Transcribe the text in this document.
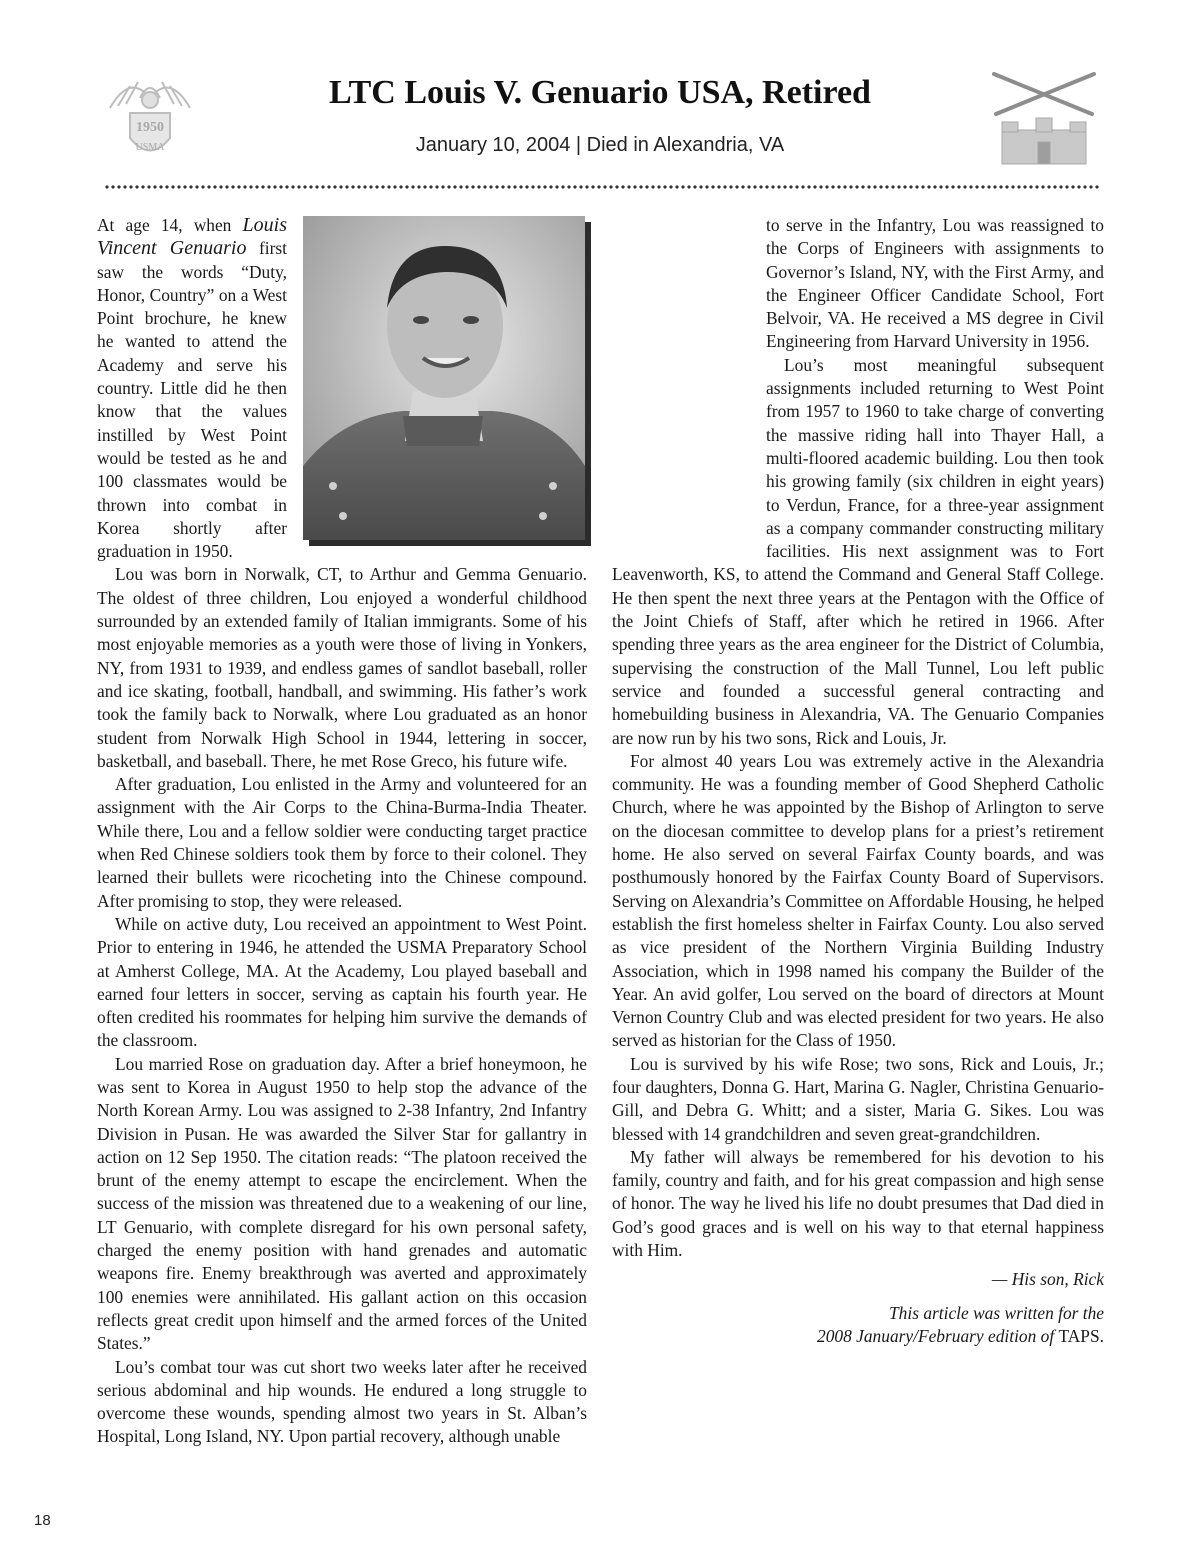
1950
USMA
LTC Louis V. Genuario USA, Retired
January 10, 2004 | Died in Alexandria, VA

At age 14, when Louis Vincent Genuario first saw the words “Duty, Honor, Country” on a West Point brochure, he knew he wanted to attend the Academy and serve his country. Little did he then know that the values instilled by West Point would be tested as he and 100 classmates would be thrown into combat in Korea shortly after graduation in 1950.

Lou was born in Norwalk, CT, to Arthur and Gemma Genuario. The oldest of three children, Lou enjoyed a wonderful childhood surrounded by an extended family of Italian immigrants. Some of his most enjoyable memories as a youth were those of living in Yonkers, NY, from 1931 to 1939, and endless games of sandlot baseball, roller and ice skating, football, handball, and swimming. His father’s work took the family back to Norwalk, where Lou graduated as an honor student from Norwalk High School in 1944, lettering in soccer, basketball, and baseball. There, he met Rose Greco, his future wife.

After graduation, Lou enlisted in the Army and volunteered for an assignment with the Air Corps to the China-Burma-India Theater. While there, Lou and a fellow soldier were conducting target practice when Red Chinese soldiers took them by force to their colonel. They learned their bullets were ricocheting into the Chinese compound. After promising to stop, they were released.

While on active duty, Lou received an appointment to West Point. Prior to entering in 1946, he attended the USMA Preparatory School at Amherst College, MA. At the Academy, Lou played baseball and earned four letters in soccer, serving as captain his fourth year. He often credited his roommates for helping him survive the demands of the classroom.

Lou married Rose on graduation day. After a brief honeymoon, he was sent to Korea in August 1950 to help stop the advance of the North Korean Army. Lou was assigned to 2-38 Infantry, 2nd Infantry Division in Pusan. He was awarded the Silver Star for gallantry in action on 12 Sep 1950. The citation reads: “The platoon received the brunt of the enemy attempt to escape the encirclement. When the success of the mission was threatened due to a weakening of our line, LT Genuario, with complete disregard for his own personal safety, charged the enemy position with hand grenades and automatic weapons fire. Enemy breakthrough was averted and approximately 100 enemies were annihilated. His gallant action on this occasion reflects great credit upon himself and the armed forces of the United States.”

Lou’s combat tour was cut short two weeks later after he received serious abdominal and hip wounds. He endured a long struggle to overcome these wounds, spending almost two years in St. Alban’s Hospital, Long Island, NY. Upon partial recovery, although unable

to serve in the Infantry, Lou was reassigned to the Corps of Engineers with assignments to Governor’s Island, NY, with the First Army, and the Engineer Officer Candidate School, Fort Belvoir, VA. He received a MS degree in Civil Engineering from Harvard University in 1956.

Lou’s most meaningful subsequent assignments included returning to West Point from 1957 to 1960 to take charge of converting the massive riding hall into Thayer Hall, a multi-floored academic building. Lou then took his growing family (six children in eight years) to Verdun, France, for a three-year assignment as a company commander constructing military facilities. His next assignment was to Fort Leavenworth, KS, to attend the Command and General Staff College. He then spent the next three years at the Pentagon with the Office of the Joint Chiefs of Staff, after which he retired in 1966. After spending three years as the area engineer for the District of Columbia, supervising the construction of the Mall Tunnel, Lou left public service and founded a successful general contracting and homebuilding business in Alexandria, VA. The Genuario Companies are now run by his two sons, Rick and Louis, Jr.

For almost 40 years Lou was extremely active in the Alexandria community. He was a founding member of Good Shepherd Catholic Church, where he was appointed by the Bishop of Arlington to serve on the diocesan committee to develop plans for a priest’s retirement home. He also served on several Fairfax County boards, and was posthumously honored by the Fairfax County Board of Supervisors. Serving on Alexandria’s Committee on Affordable Housing, he helped establish the first homeless shelter in Fairfax County. Lou also served as vice president of the Northern Virginia Building Industry Association, which in 1998 named his company the Builder of the Year. An avid golfer, Lou served on the board of directors at Mount Vernon Country Club and was elected president for two years. He also served as historian for the Class of 1950.

Lou is survived by his wife Rose; two sons, Rick and Louis, Jr.; four daughters, Donna G. Hart, Marina G. Nagler, Christina Genuario-Gill, and Debra G. Whitt; and a sister, Maria G. Sikes. Lou was blessed with 14 grandchildren and seven great-grandchildren.

My father will always be remembered for his devotion to his family, country and faith, and for his great compassion and high sense of honor. The way he lived his life no doubt presumes that Dad died in God’s good graces and is well on his way to that eternal happiness with Him.

— His son, Rick
This article was written for the
2008 January/February edition of TAPS.
18
